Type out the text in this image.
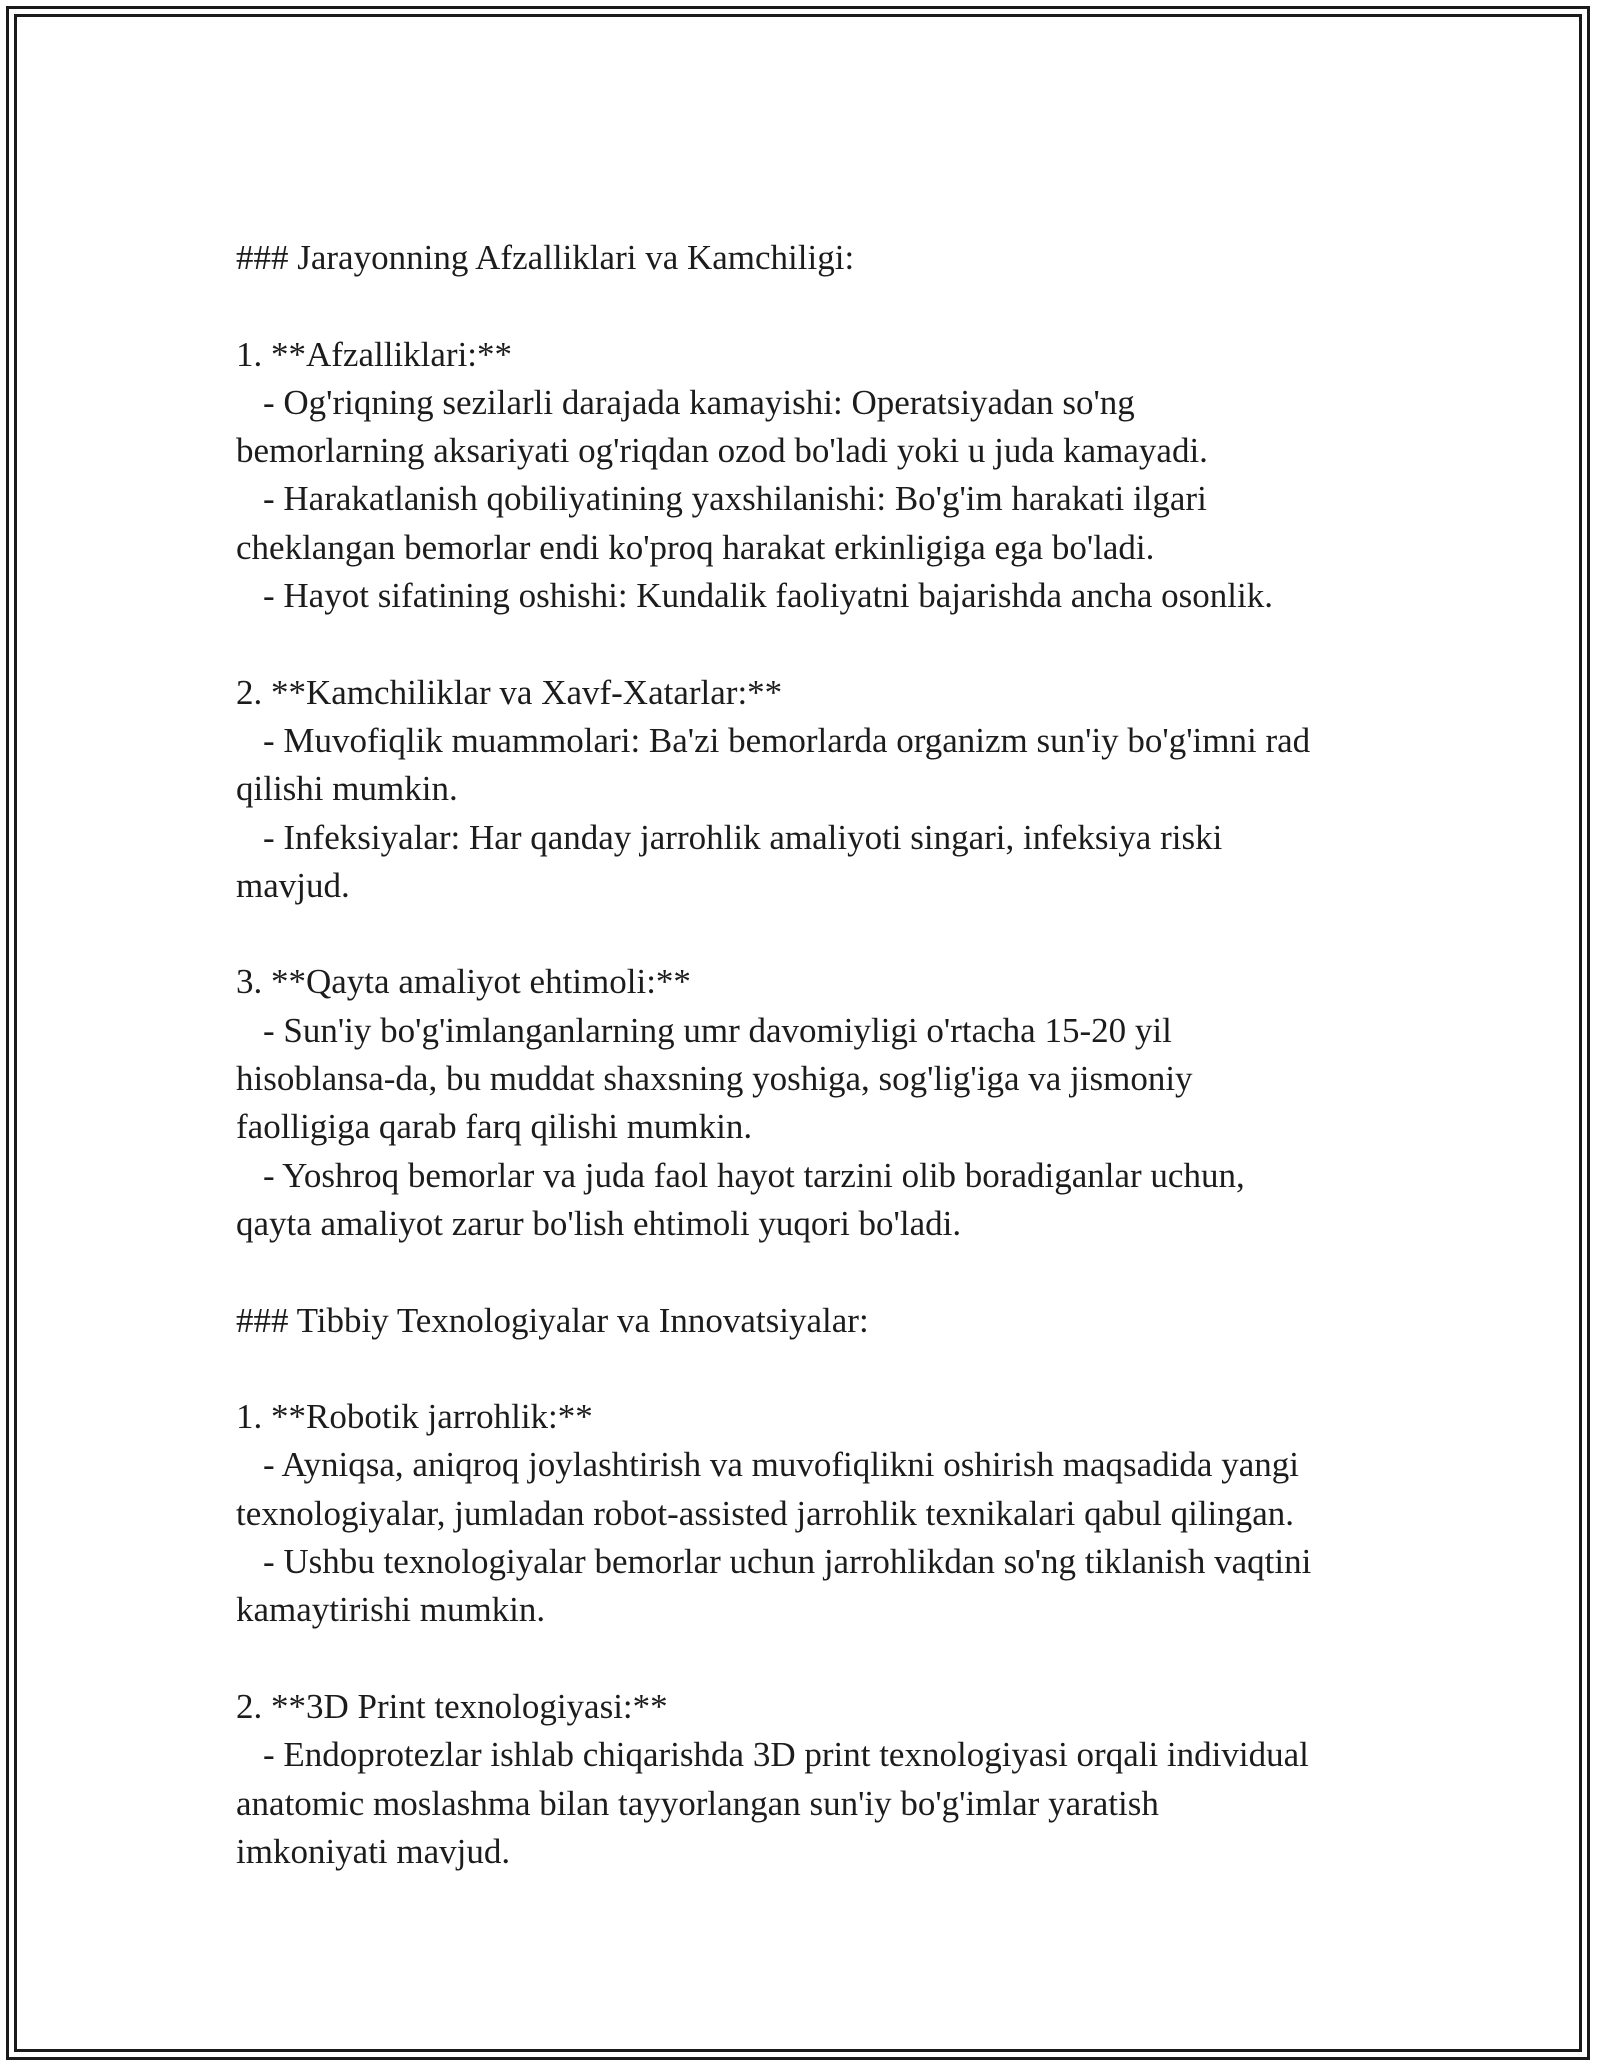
### Jarayonning Afzalliklari va Kamchiligi:
1. **Afzalliklari:**
- Og'riqning sezilarli darajada kamayishi: Operatsiyadan so'ng
bemorlarning aksariyati og'riqdan ozod bo'ladi yoki u juda kamayadi.
- Harakatlanish qobiliyatining yaxshilanishi: Bo'g'im harakati ilgari
cheklangan bemorlar endi ko'proq harakat erkinligiga ega bo'ladi.
- Hayot sifatining oshishi: Kundalik faoliyatni bajarishda ancha osonlik.
2. **Kamchiliklar va Xavf-Xatarlar:**
- Muvofiqlik muammolari: Ba'zi bemorlarda organizm sun'iy bo'g'imni rad
qilishi mumkin.
- Infeksiyalar: Har qanday jarrohlik amaliyoti singari, infeksiya riski
mavjud.
3. **Qayta amaliyot ehtimoli:**
- Sun'iy bo'g'imlanganlarning umr davomiyligi o'rtacha 15-20 yil
hisoblansa-da, bu muddat shaxsning yoshiga, sog'lig'iga va jismoniy
faolligiga qarab farq qilishi mumkin.
- Yoshroq bemorlar va juda faol hayot tarzini olib boradiganlar uchun,
qayta amaliyot zarur bo'lish ehtimoli yuqori bo'ladi.
### Tibbiy Texnologiyalar va Innovatsiyalar:
1. **Robotik jarrohlik:**
- Ayniqsa, aniqroq joylashtirish va muvofiqlikni oshirish maqsadida yangi
texnologiyalar, jumladan robot-assisted jarrohlik texnikalari qabul qilingan.
- Ushbu texnologiyalar bemorlar uchun jarrohlikdan so'ng tiklanish vaqtini
kamaytirishi mumkin.
2. **3D Print texnologiyasi:**
- Endoprotezlar ishlab chiqarishda 3D print texnologiyasi orqali individual
anatomic moslashma bilan tayyorlangan sun'iy bo'g'imlar yaratish
imkoniyati mavjud.
